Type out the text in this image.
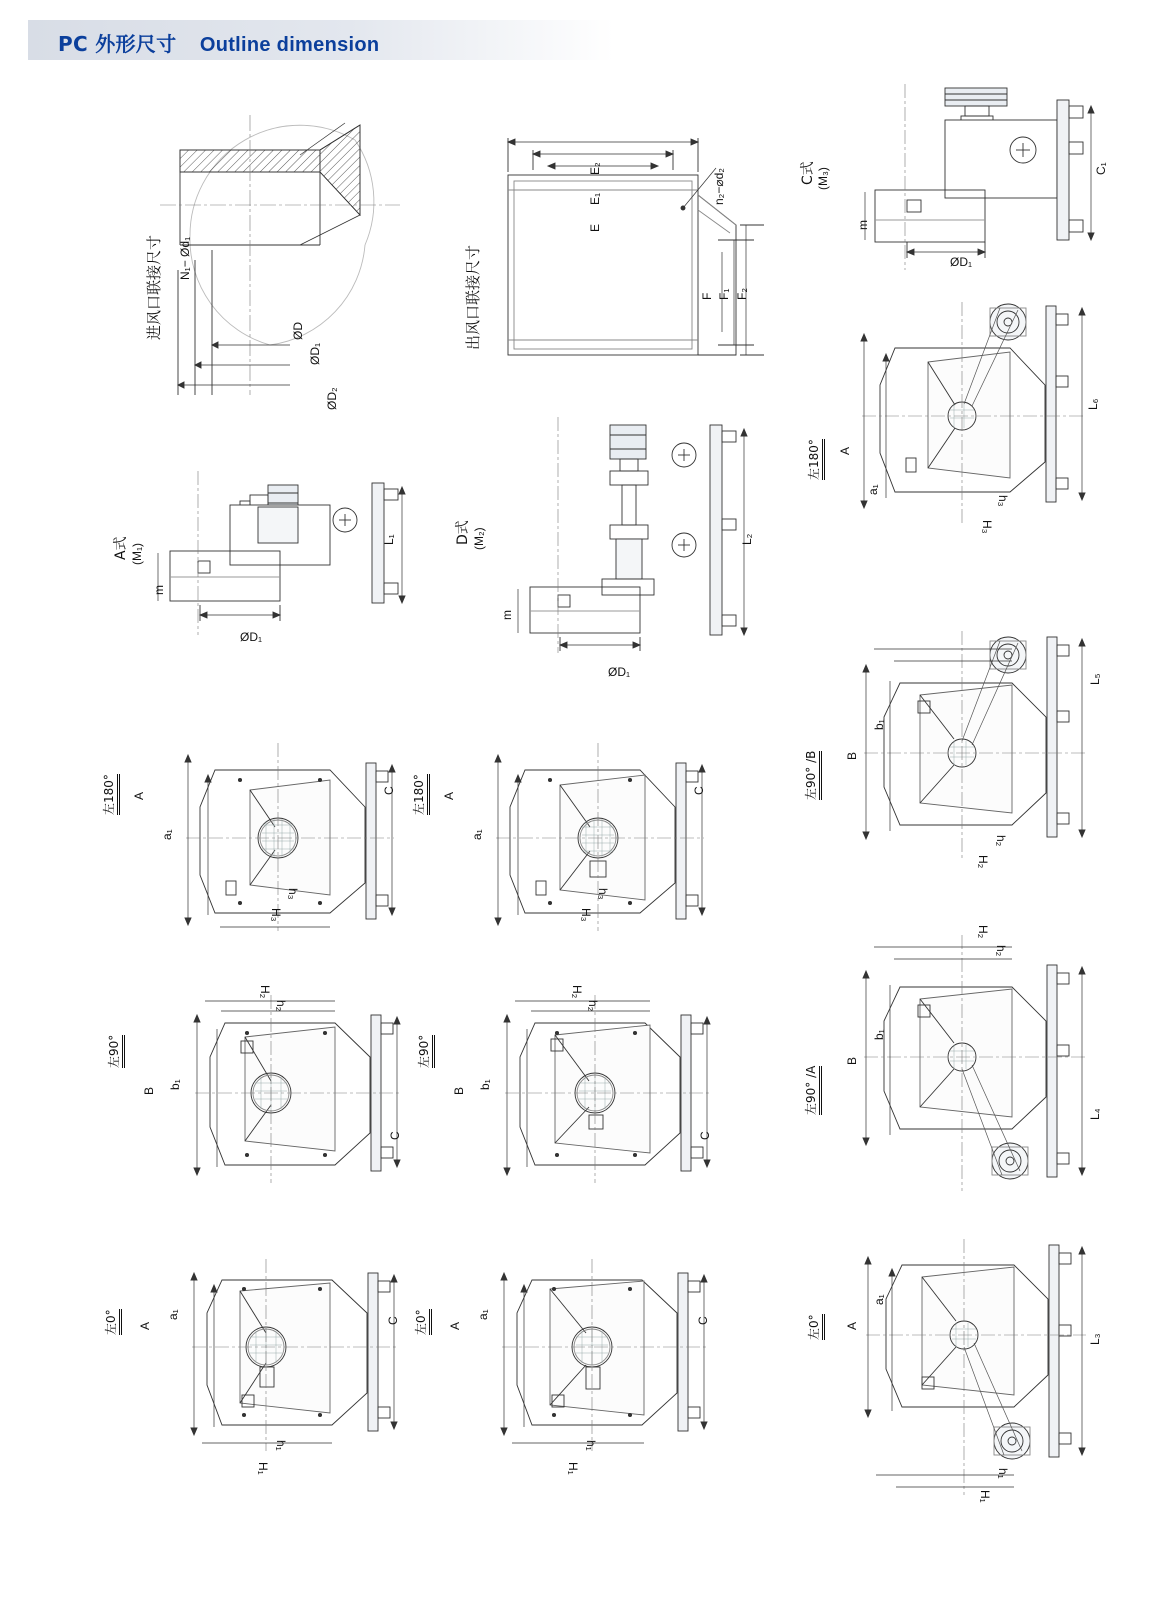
PC 外形尺寸 Outline dimension
进风口联接尺寸 N₁− Ød₁
ØD
ØD₁
ØD₂
出风口联接尺寸
E₂
E₁
E
n₂−⌀d₂
F F₁ F₂
C式 (M₃)	C₁
m
ØD₁
A式 (M₁)
L₁
m
ØD₁
D式 (M₂)	L₂
m
ØD₁
左180° A
a₁
C
h₃
H₃
左180° A
a₁
C
h₃
H₃
左180° A
a₁
L₆
h₃
H₃
左90°
B
b₁
C
h₂
H₂
左90°
B
b₁
C
h₂
H₂
左90° /B B
b₁
L₅
h₂
H₂
左90° /A
B
b₁
L₄
h₂
H₂
左0° A
a₁
C
h₁
H₁
左0° A
a₁
C
h₁
H₁
左0° A
a₁
L₃
h₁
H₁
